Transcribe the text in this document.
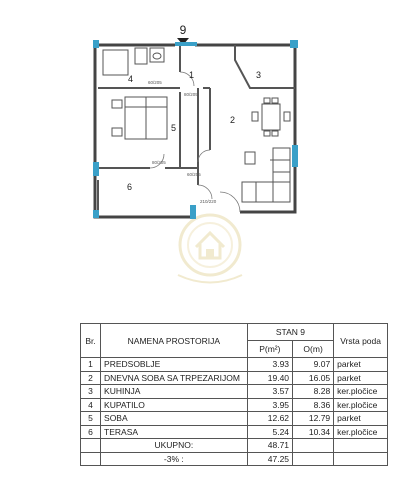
9
1
2
3
4
5
6
60/205
80/205
80/205
210/220
60/205
Br.	NAMENA PROSTORIJA	STAN 9		Vrsta poda
		P(m²)	O(m)	
1	PREDSOBLJE	3.93	9.07	parket
2	DNEVNA SOBA SA TRPEZARIJOM	19.40	16.05	parket
3	KUHINJA	3.57	8.28	ker.pločice
4	KUPATILO	3.95	8.36	ker.pločice
5	SOBA	12.62	12.79	parket
6	TERASA	5.24	10.34	ker.pločice
	UKUPNO:	48.71		
	-3% :	47.25		
